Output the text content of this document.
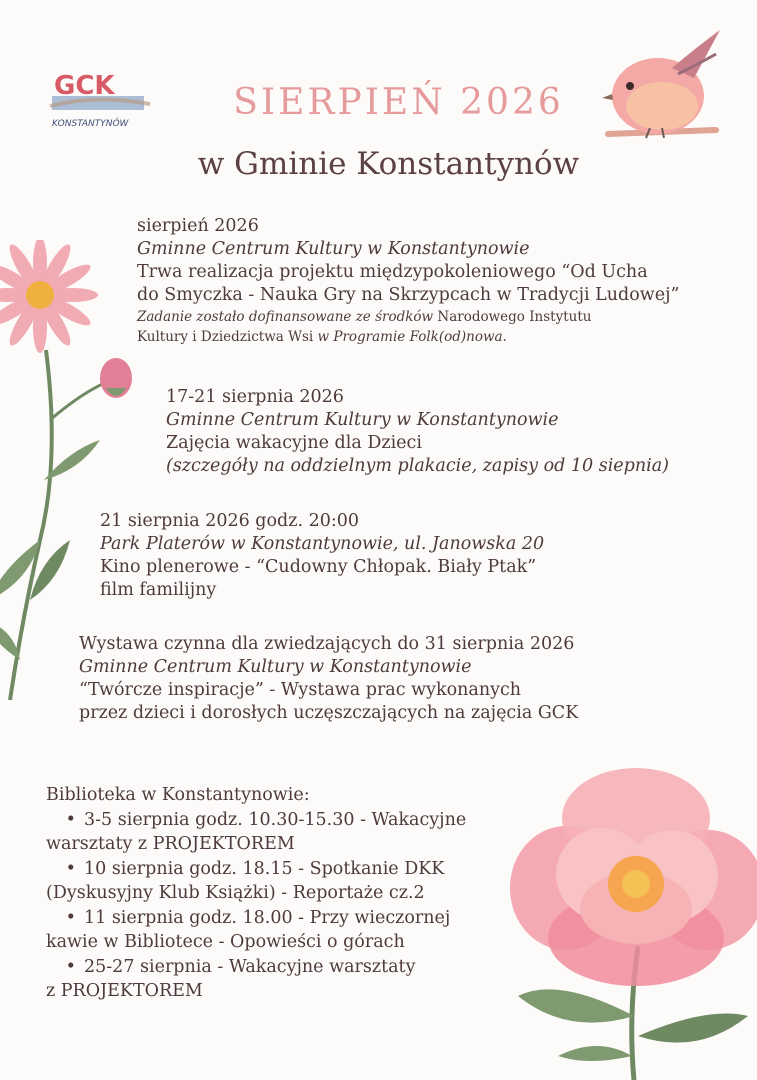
GCK
KONSTANTYNÓW
SIERPIEŃ 2026
w Gminie Konstantynów
sierpień 2026
Gminne Centrum Kultury w Konstantynowie
Trwa realizacja projektu międzypokoleniowego “Od Ucha
do Smyczka - Nauka Gry na Skrzypcach w Tradycji Ludowej”
Zadanie zostało dofinansowane ze środków Narodowego Instytutu
Kultury i Dziedzictwa Wsi w Programie Folk(od)nowa.
17-21 sierpnia 2026
Gminne Centrum Kultury w Konstantynowie
Zajęcia wakacyjne dla Dzieci
(szczegóły na oddzielnym plakacie, zapisy od 10 siepnia)
21 sierpnia 2026 godz. 20:00
Park Platerów w Konstantynowie, ul. Janowska 20
Kino plenerowe - “Cudowny Chłopak. Biały Ptak”
film familijny
Wystawa czynna dla zwiedzających do 31 sierpnia 2026
Gminne Centrum Kultury w Konstantynowie
“Twórcze inspiracje” - Wystawa prac wykonanych
przez dzieci i dorosłych uczęszczających na zajęcia GCK
Biblioteka w Konstantynowie:
• 3-5 sierpnia godz. 10.30-15.30 - Wakacyjne
warsztaty z PROJEKTOREM
• 10 sierpnia godz. 18.15 - Spotkanie DKK
(Dyskusyjny Klub Książki) - Reportaże cz.2
• 11 sierpnia godz. 18.00 - Przy wieczornej
kawie w Bibliotece - Opowieści o górach
• 25-27 sierpnia - Wakacyjne warsztaty
z PROJEKTOREM
